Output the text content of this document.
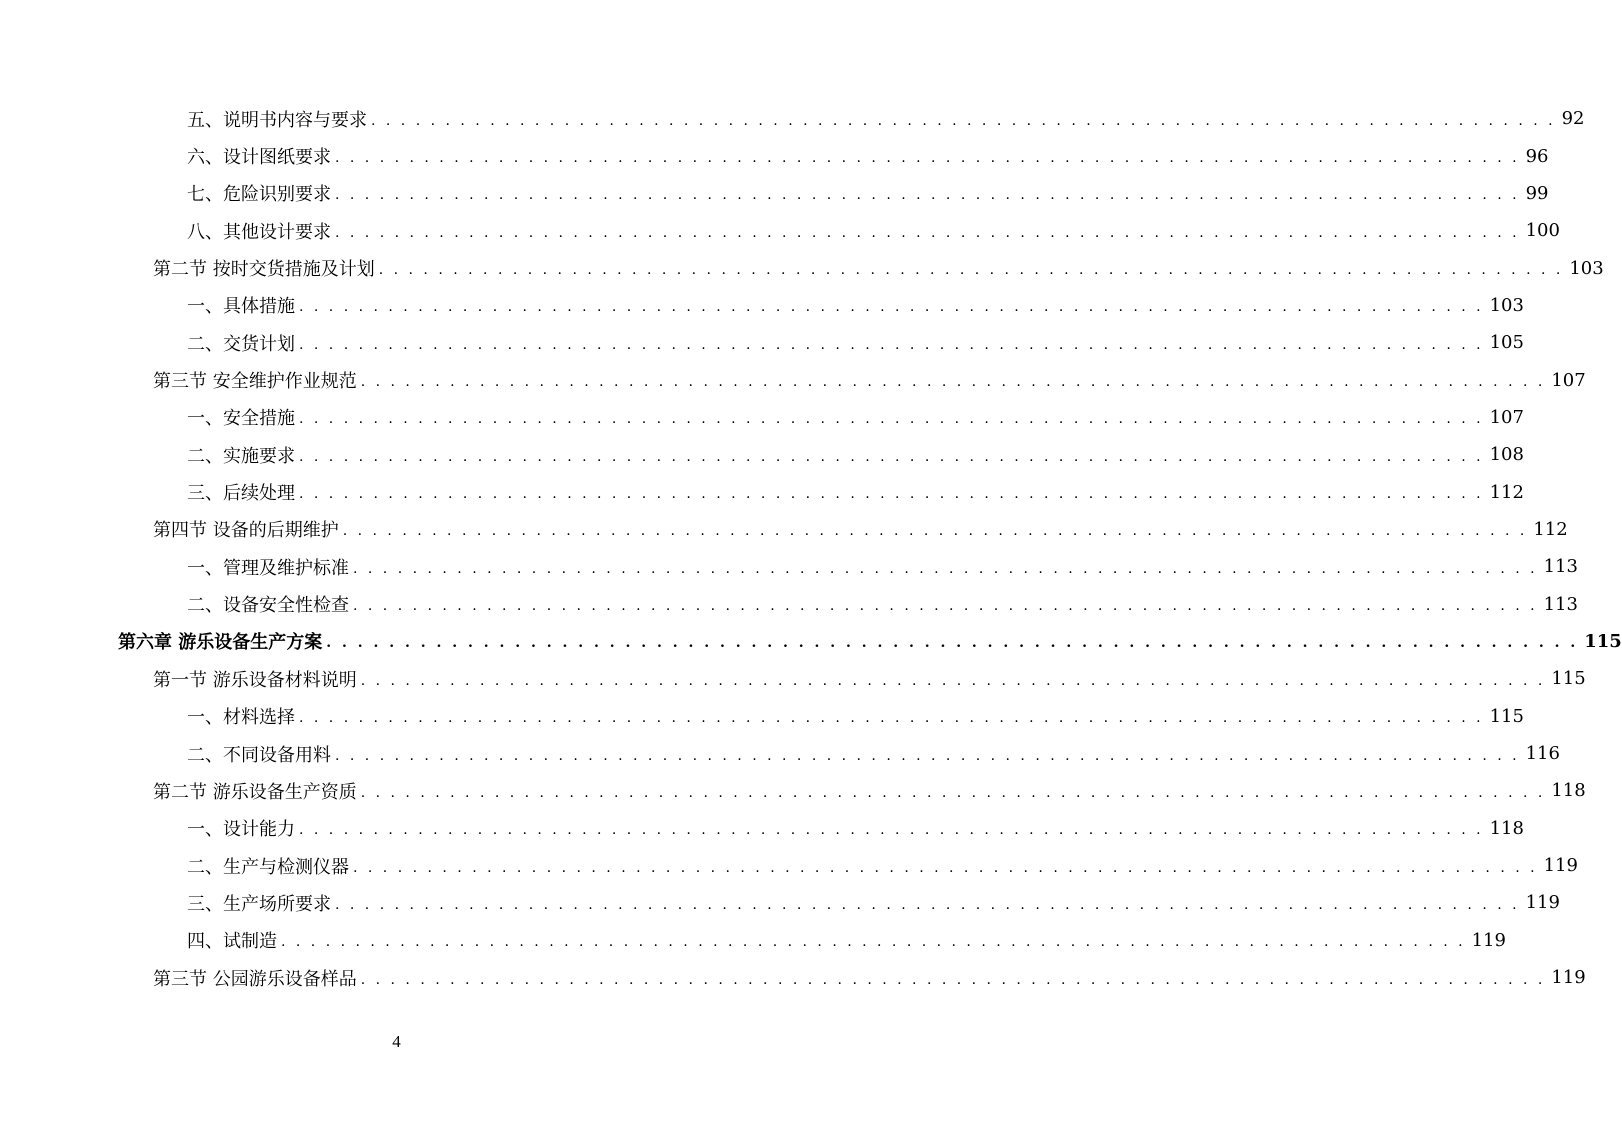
五、说明书内容与要求 . . . . . . . . . . . . . . . . . . . . . . . . . . . . . . . . . . . . . . . . . . . . . . . . . . . . . . . . . . . . . . . . . . . . . . . . . . . . . . . . 92
六、设计图纸要求 . . . . . . . . . . . . . . . . . . . . . . . . . . . . . . . . . . . . . . . . . . . . . . . . . . . . . . . . . . . . . . . . . . . . . . . . . . . . . . . . 96
七、危险识别要求 . . . . . . . . . . . . . . . . . . . . . . . . . . . . . . . . . . . . . . . . . . . . . . . . . . . . . . . . . . . . . . . . . . . . . . . . . . . . . . . . 99
八、其他设计要求 . . . . . . . . . . . . . . . . . . . . . . . . . . . . . . . . . . . . . . . . . . . . . . . . . . . . . . . . . . . . . . . . . . . . . . . . . . . . . . . . 100
第二节 按时交货措施及计划 . . . . . . . . . . . . . . . . . . . . . . . . . . . . . . . . . . . . . . . . . . . . . . . . . . . . . . . . . . . . . . . . . . . . . . . . . . . . . . . . 103
一、具体措施 . . . . . . . . . . . . . . . . . . . . . . . . . . . . . . . . . . . . . . . . . . . . . . . . . . . . . . . . . . . . . . . . . . . . . . . . . . . . . . . . 103
二、交货计划 . . . . . . . . . . . . . . . . . . . . . . . . . . . . . . . . . . . . . . . . . . . . . . . . . . . . . . . . . . . . . . . . . . . . . . . . . . . . . . . . 105
第三节 安全维护作业规范 . . . . . . . . . . . . . . . . . . . . . . . . . . . . . . . . . . . . . . . . . . . . . . . . . . . . . . . . . . . . . . . . . . . . . . . . . . . . . . . . 107
一、安全措施 . . . . . . . . . . . . . . . . . . . . . . . . . . . . . . . . . . . . . . . . . . . . . . . . . . . . . . . . . . . . . . . . . . . . . . . . . . . . . . . . 107
二、实施要求 . . . . . . . . . . . . . . . . . . . . . . . . . . . . . . . . . . . . . . . . . . . . . . . . . . . . . . . . . . . . . . . . . . . . . . . . . . . . . . . . 108
三、后续处理 . . . . . . . . . . . . . . . . . . . . . . . . . . . . . . . . . . . . . . . . . . . . . . . . . . . . . . . . . . . . . . . . . . . . . . . . . . . . . . . . 112
第四节 设备的后期维护 . . . . . . . . . . . . . . . . . . . . . . . . . . . . . . . . . . . . . . . . . . . . . . . . . . . . . . . . . . . . . . . . . . . . . . . . . . . . . . . . 112
一、管理及维护标准 . . . . . . . . . . . . . . . . . . . . . . . . . . . . . . . . . . . . . . . . . . . . . . . . . . . . . . . . . . . . . . . . . . . . . . . . . . . . . . . . 113
二、设备安全性检查 . . . . . . . . . . . . . . . . . . . . . . . . . . . . . . . . . . . . . . . . . . . . . . . . . . . . . . . . . . . . . . . . . . . . . . . . . . . . . . . . 113
第六章 游乐设备生产方案 . . . . . . . . . . . . . . . . . . . . . . . . . . . . . . . . . . . . . . . . . . . . . . . . . . . . . . . . . . . . . . . . . . . . . . . . . . . . . . . . 115
第一节 游乐设备材料说明 . . . . . . . . . . . . . . . . . . . . . . . . . . . . . . . . . . . . . . . . . . . . . . . . . . . . . . . . . . . . . . . . . . . . . . . . . . . . . . . . 115
一、材料选择 . . . . . . . . . . . . . . . . . . . . . . . . . . . . . . . . . . . . . . . . . . . . . . . . . . . . . . . . . . . . . . . . . . . . . . . . . . . . . . . . 115
二、不同设备用料 . . . . . . . . . . . . . . . . . . . . . . . . . . . . . . . . . . . . . . . . . . . . . . . . . . . . . . . . . . . . . . . . . . . . . . . . . . . . . . . . 116
第二节 游乐设备生产资质 . . . . . . . . . . . . . . . . . . . . . . . . . . . . . . . . . . . . . . . . . . . . . . . . . . . . . . . . . . . . . . . . . . . . . . . . . . . . . . . . 118
一、设计能力 . . . . . . . . . . . . . . . . . . . . . . . . . . . . . . . . . . . . . . . . . . . . . . . . . . . . . . . . . . . . . . . . . . . . . . . . . . . . . . . . 118
二、生产与检测仪器 . . . . . . . . . . . . . . . . . . . . . . . . . . . . . . . . . . . . . . . . . . . . . . . . . . . . . . . . . . . . . . . . . . . . . . . . . . . . . . . . 119
三、生产场所要求 . . . . . . . . . . . . . . . . . . . . . . . . . . . . . . . . . . . . . . . . . . . . . . . . . . . . . . . . . . . . . . . . . . . . . . . . . . . . . . . . 119
四、试制造 . . . . . . . . . . . . . . . . . . . . . . . . . . . . . . . . . . . . . . . . . . . . . . . . . . . . . . . . . . . . . . . . . . . . . . . . . . . . . . . . 119
第三节 公园游乐设备样品 . . . . . . . . . . . . . . . . . . . . . . . . . . . . . . . . . . . . . . . . . . . . . . . . . . . . . . . . . . . . . . . . . . . . . . . . . . . . . . . . 119
4
